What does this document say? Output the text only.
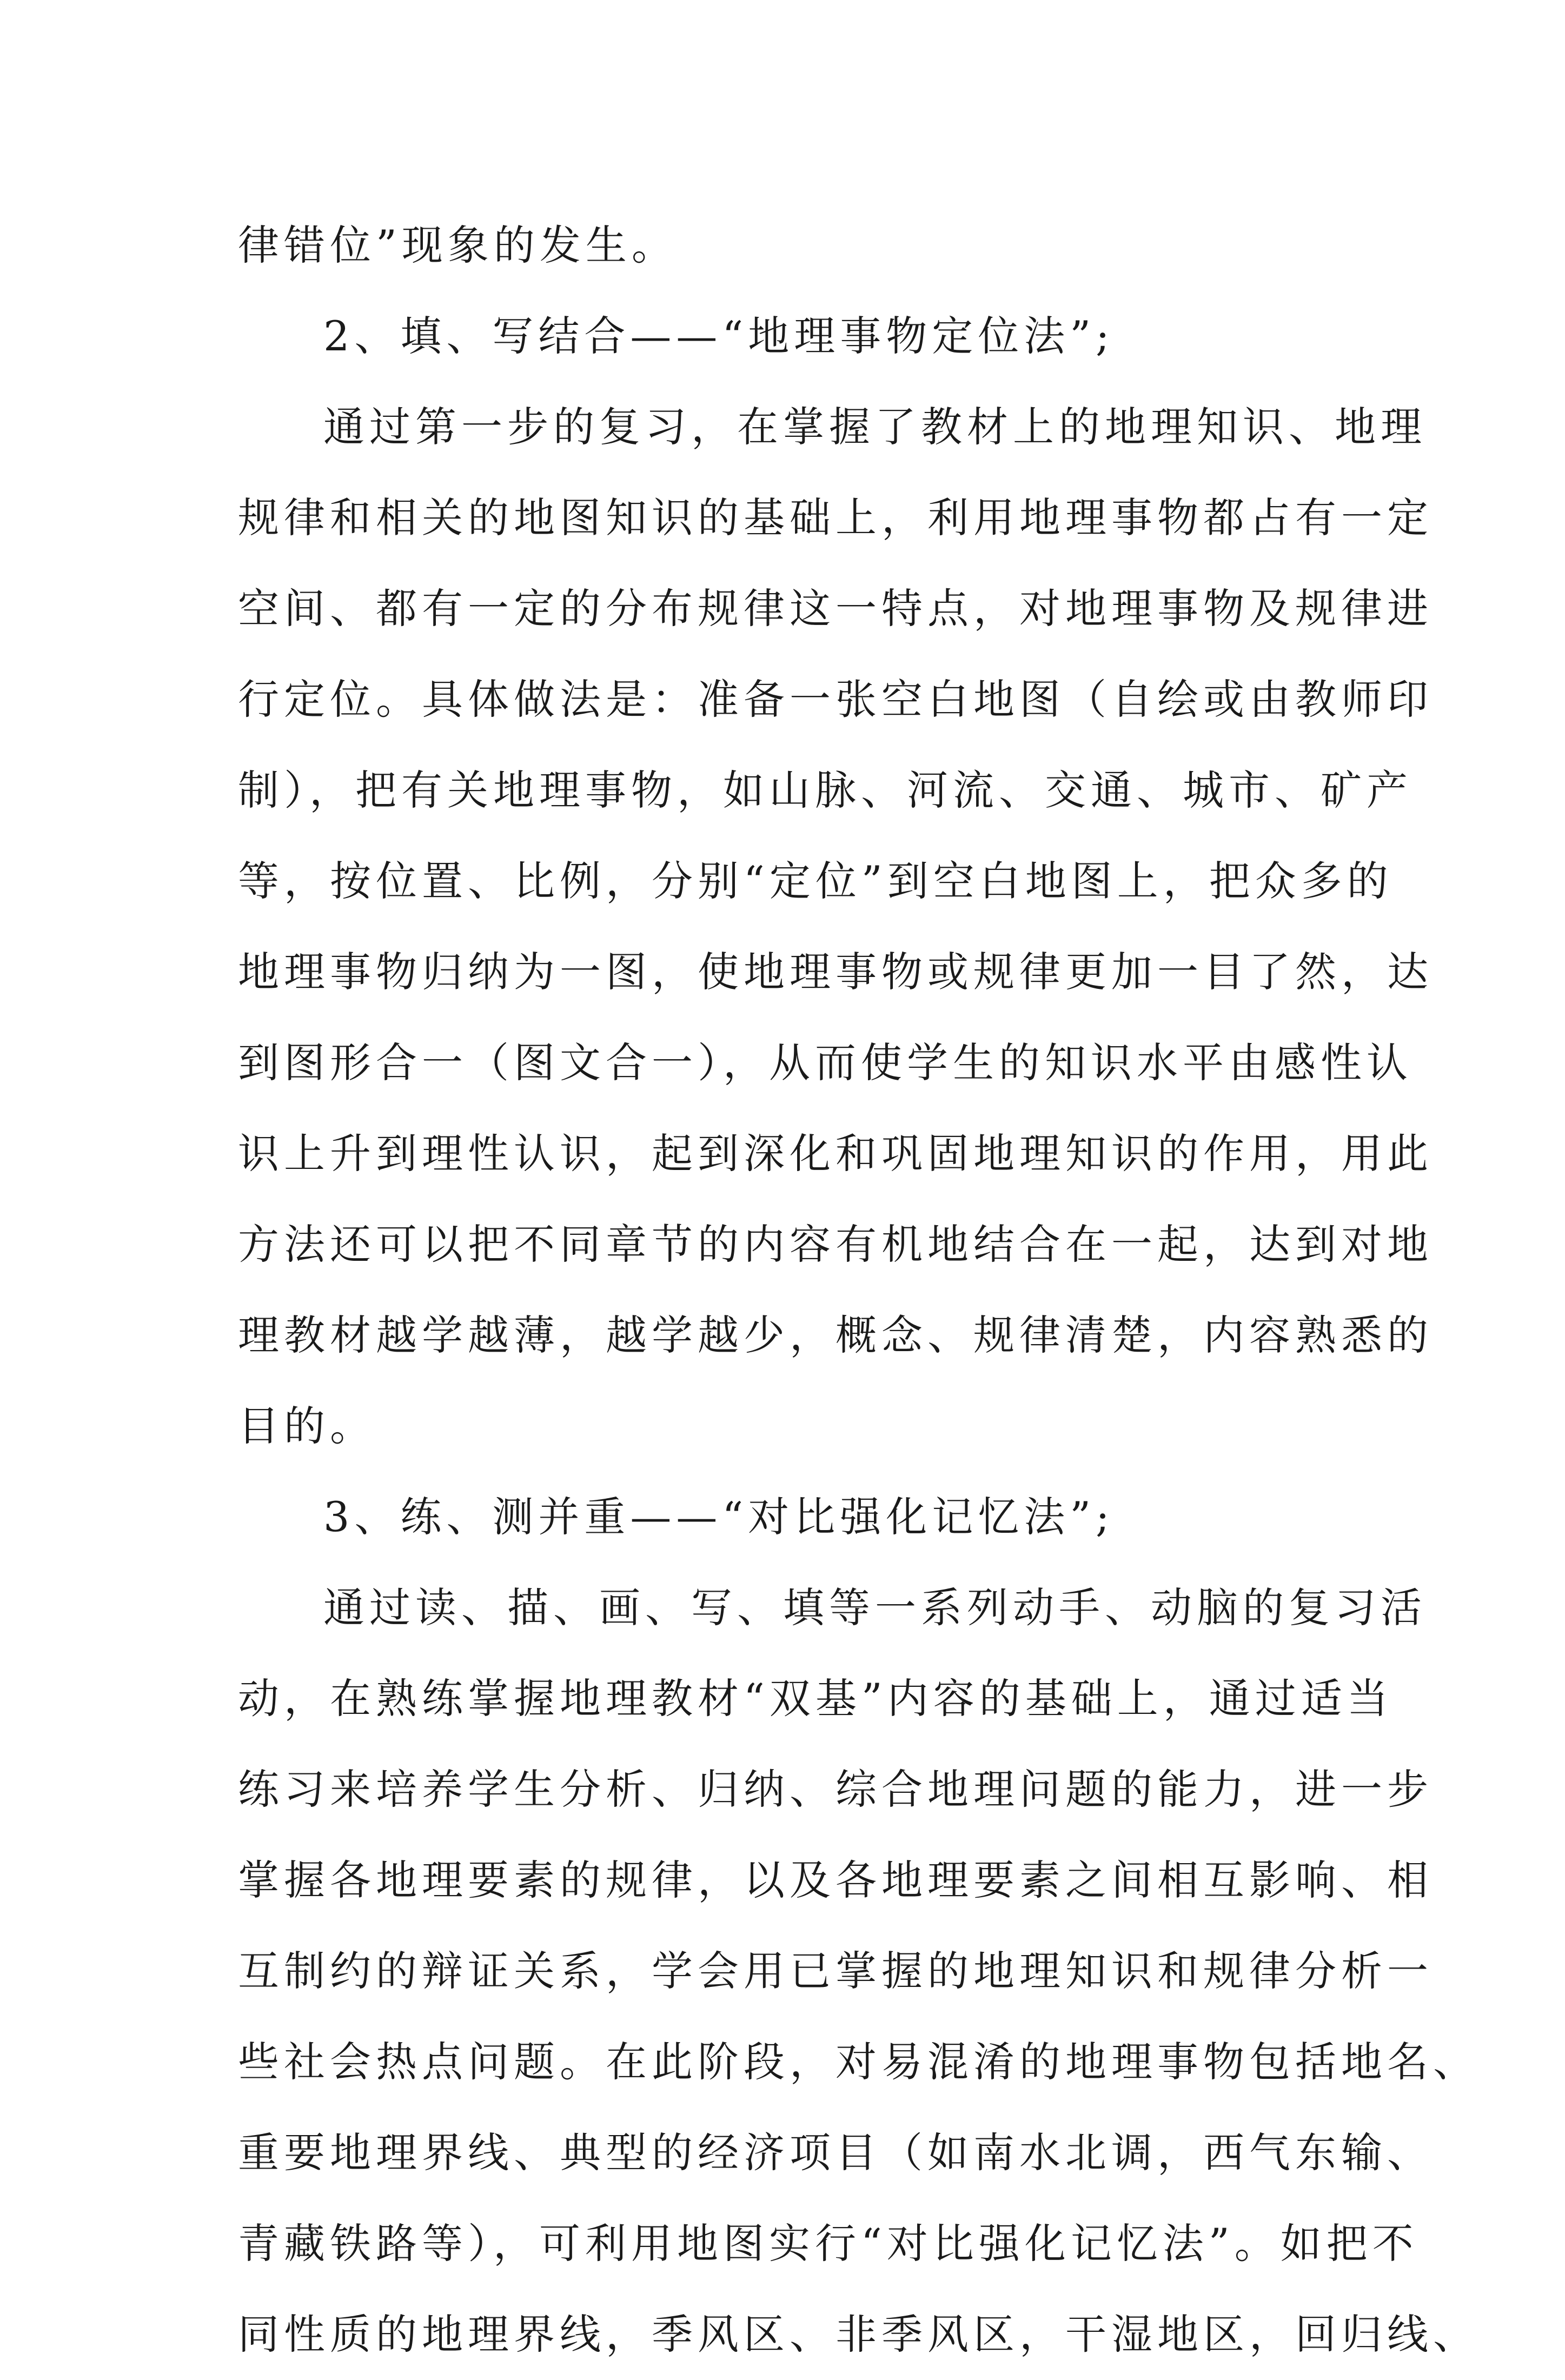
律错位”现象的发生。
2、填、写结合——“地理事物定位法”;
通过第一步的复习，在掌握了教材上的地理知识、地理
规律和相关的地图知识的基础上，利用地理事物都占有一定
空间、都有一定的分布规律这一特点，对地理事物及规律进
行定位。具体做法是：准备一张空白地图（自绘或由教师印
制），把有关地理事物，如山脉、河流、交通、城市、矿产
等，按位置、比例，分别“定位”到空白地图上，把众多的
地理事物归纳为一图，使地理事物或规律更加一目了然，达
到图形合一（图文合一），从而使学生的知识水平由感性认
识上升到理性认识，起到深化和巩固地理知识的作用，用此
方法还可以把不同章节的内容有机地结合在一起，达到对地
理教材越学越薄，越学越少，概念、规律清楚，内容熟悉的
目的。
3、练、测并重——“对比强化记忆法”;
通过读、描、画、写、填等一系列动手、动脑的复习活
动，在熟练掌握地理教材“双基”内容的基础上，通过适当
练习来培养学生分析、归纳、综合地理问题的能力，进一步
掌握各地理要素的规律，以及各地理要素之间相互影响、相
互制约的辩证关系，学会用已掌握的地理知识和规律分析一
些社会热点问题。在此阶段，对易混淆的地理事物包括地名、
重要地理界线、典型的经济项目（如南水北调，西气东输、
青藏铁路等），可利用地图实行“对比强化记忆法”。如把不
同性质的地理界线，季风区、非季风区，干湿地区，回归线、
